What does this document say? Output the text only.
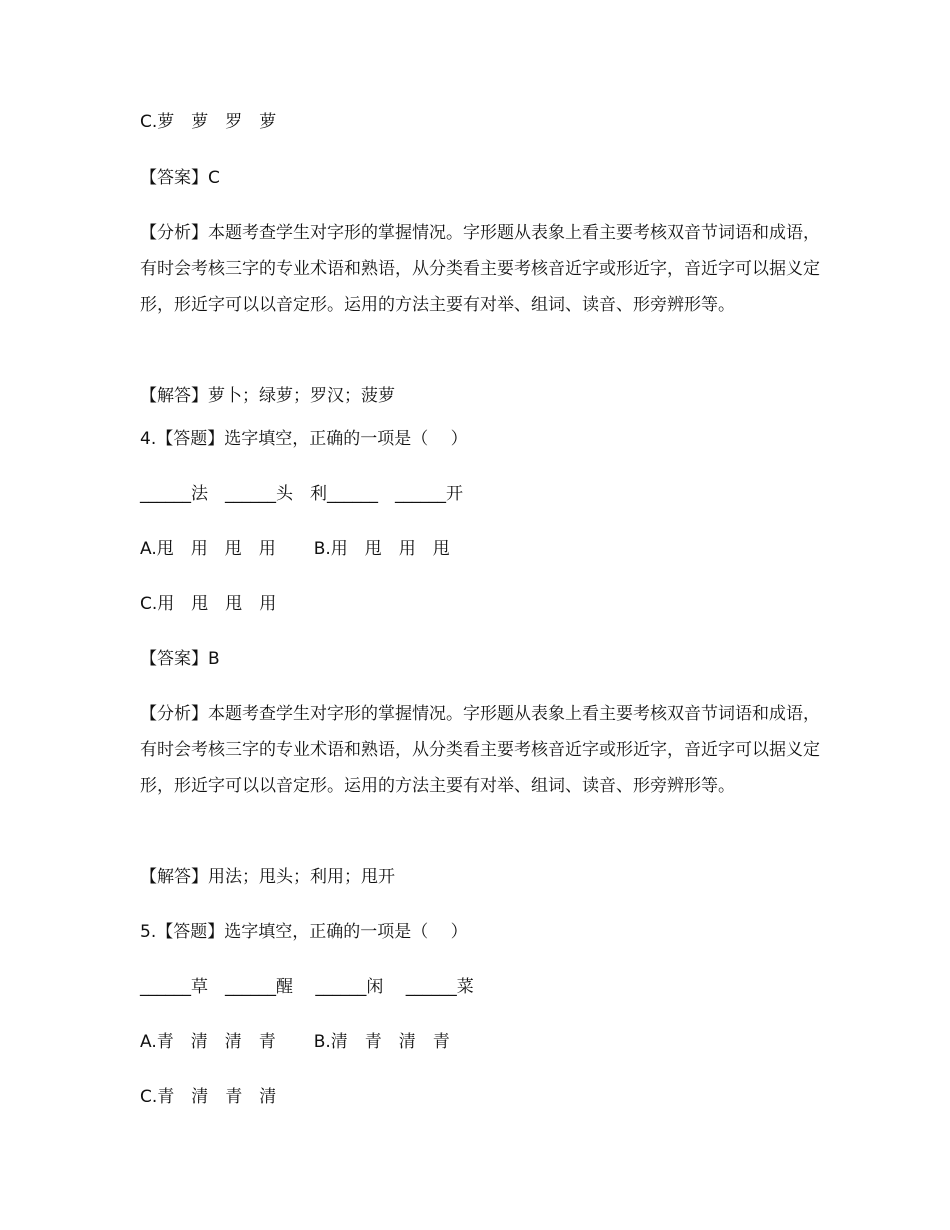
C.萝　萝　罗　萝
【答案】C
【分析】本题考查学生对字形的掌握情况。字形题从表象上看主要考核双音节词语和成语，有时会考核三字的专业术语和熟语，从分类看主要考核音近字或形近字，音近字可以据义定形，形近字可以以音定形。运用的方法主要有对举、组词、读音、形旁辨形等。
【解答】萝卜；绿萝；罗汉；菠萝
4.【答题】选字填空，正确的一项是（　 ）
______法　______头　利______　______开
A.甩　用　甩　用 B.用　甩　用　甩
C.用　甩　甩　用
【答案】B
【分析】本题考查学生对字形的掌握情况。字形题从表象上看主要考核双音节词语和成语，有时会考核三字的专业术语和熟语，从分类看主要考核音近字或形近字，音近字可以据义定形，形近字可以以音定形。运用的方法主要有对举、组词、读音、形旁辨形等。
【解答】用法；甩头；利用；甩开
5.【答题】选字填空，正确的一项是（　 ）
______草　______醒　 ______闲　 ______菜
A.青　清　清　青 B.清　青　清　青
C.青　清　青　清
